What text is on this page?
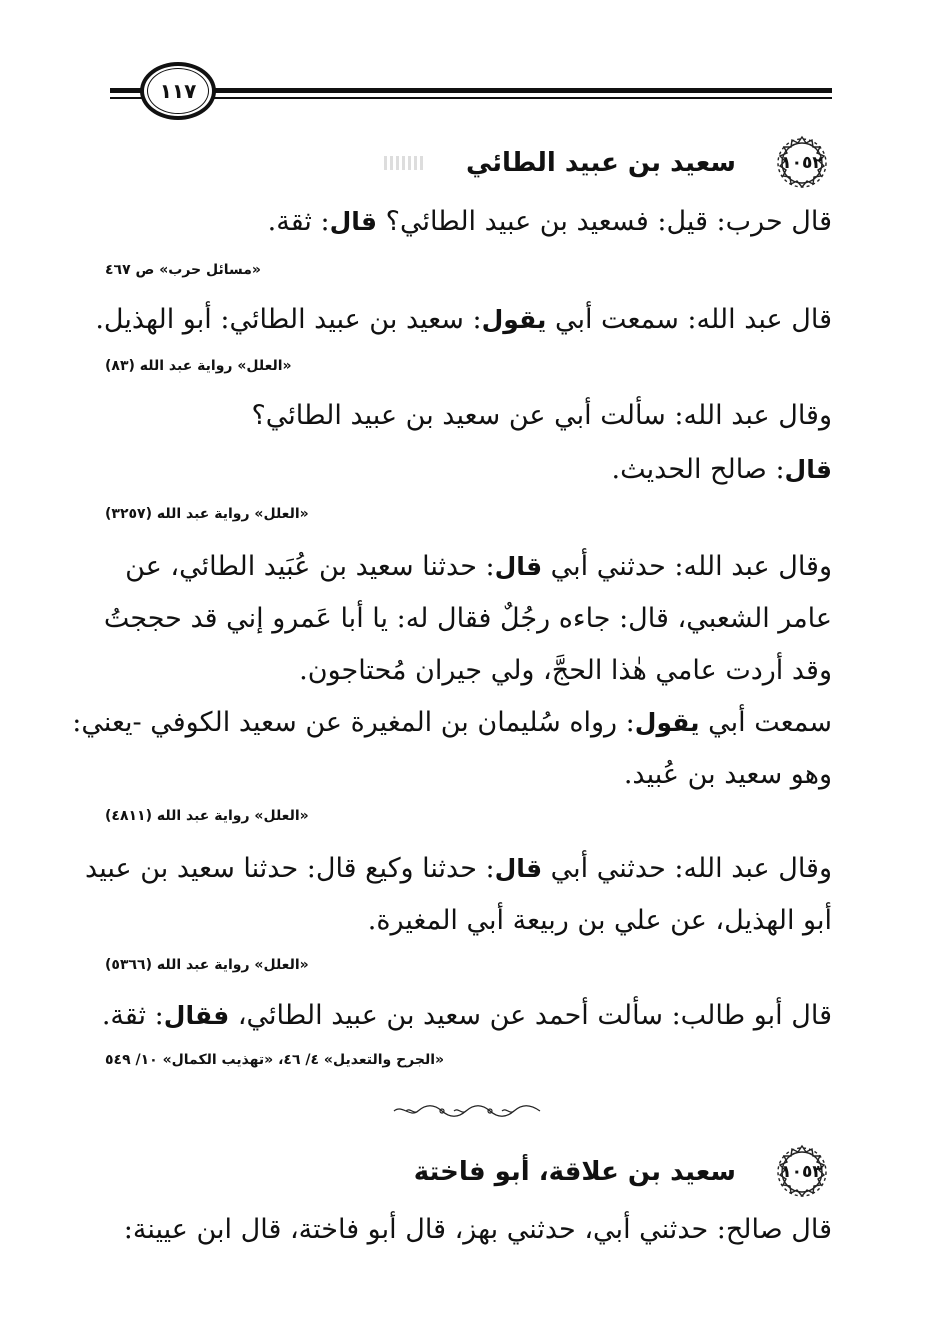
١١٧
١٠٥٢
سعيد بن عبيد الطائي
قال حرب: قيل: فسعيد بن عبيد الطائي؟ قال: ثقة.
«مسائل حرب» ص ٤٦٧
قال عبد الله: سمعت أبي يقول: سعيد بن عبيد الطائي: أبو الهذيل.
«العلل» رواية عبد الله (٨٣)
وقال عبد الله: سألت أبي عن سعيد بن عبيد الطائي؟
قال: صالح الحديث.
«العلل» رواية عبد الله (٣٢٥٧)
وقال عبد الله: حدثني أبي قال: حدثنا سعيد بن عُبَيد الطائي، عن
عامر الشعبي، قال: جاءه رجُلٌ فقال له: يا أبا عَمرو إني قد حججتُ
وقد أردت عامي هٰذا الحجَّ، ولي جيران مُحتاجون.
سمعت أبي يقول: رواه سُليمان بن المغيرة عن سعيد الكوفي -يعني:
وهو سعيد بن عُبيد.
«العلل» رواية عبد الله (٤٨١١)
وقال عبد الله: حدثني أبي قال: حدثنا وكيع قال: حدثنا سعيد بن عبيد
أبو الهذيل، عن علي بن ربيعة أبي المغيرة.
«العلل» رواية عبد الله (٥٣٦٦)
قال أبو طالب: سألت أحمد عن سعيد بن عبيد الطائي، فقال: ثقة.
«الجرح والتعديل» ٤/ ٤٦، «تهذيب الكمال» ١٠/ ٥٤٩
١٠٥٣
سعيد بن علاقة، أبو فاختة
قال صالح: حدثني أبي، حدثني بهز، قال أبو فاختة، قال ابن عيينة:
